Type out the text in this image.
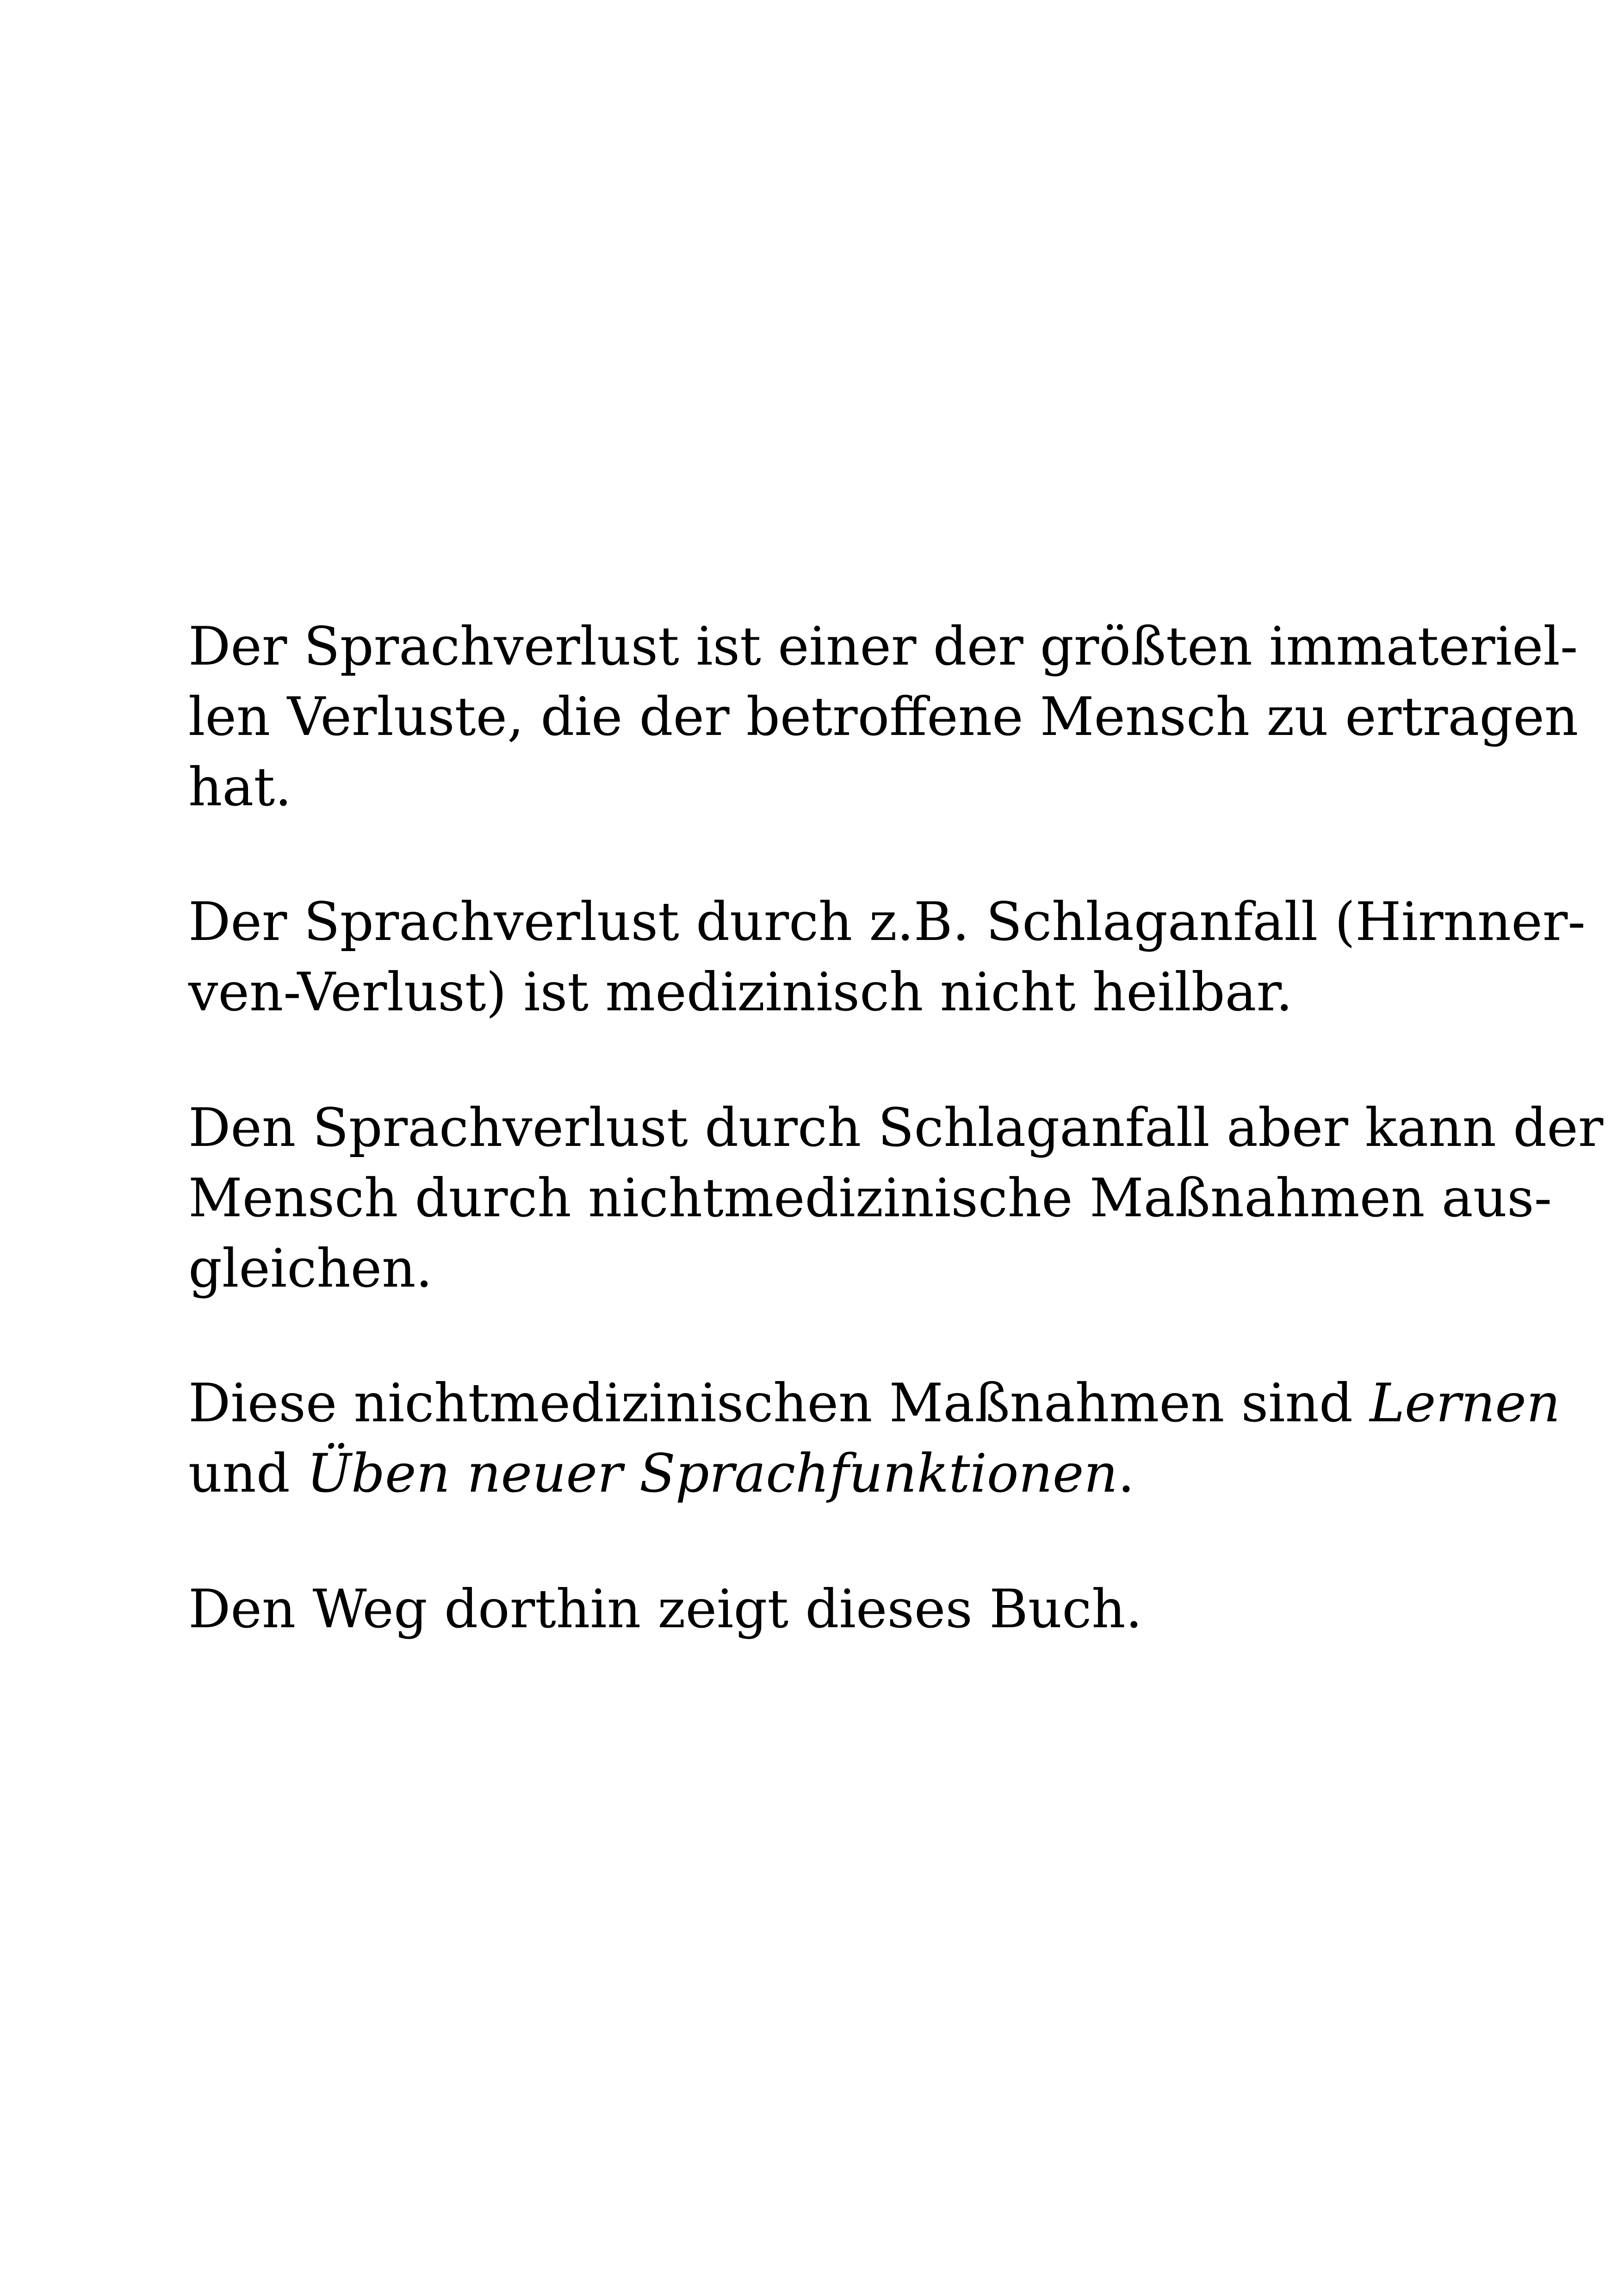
Der Sprachverlust ist einer der größten immateriel-
len Verluste, die der betroffene Mensch zu ertragen
hat.
Der Sprachverlust durch z.B. Schlaganfall (Hirnner-
ven-Verlust) ist medizinisch nicht heilbar.
Den Sprachverlust durch Schlaganfall aber kann der
Mensch durch nichtmedizinische Maßnahmen aus-
gleichen.
Diese nichtmedizinischen Maßnahmen sind Lernen
und Üben neuer Sprachfunktionen.
Den Weg dorthin zeigt dieses Buch.
